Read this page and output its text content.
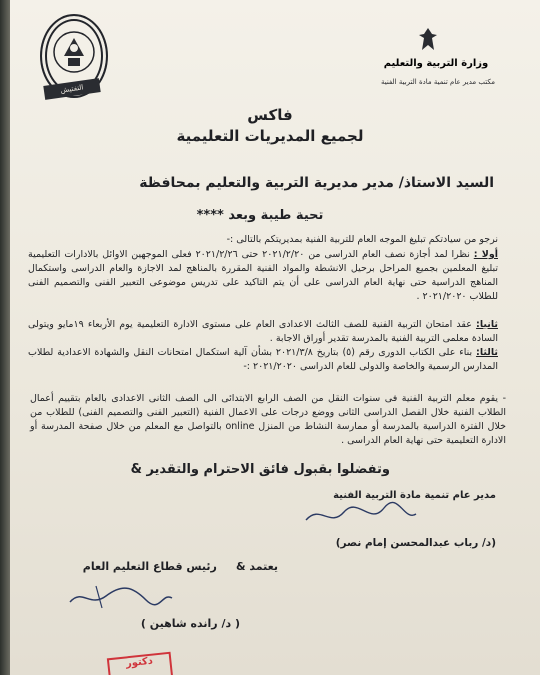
التفتيش
وزارة التربية والتعليم
مكتب مدير عام تنمية مادة التربية الفنية
فاكس
لجميع المديريات التعليمية
السيد الاستاذ/ مدير مديرية التربية والتعليم بمحافظة
تحية طيبة وبعد ****
نرجو من سيادتكم تبليغ الموجه العام للتربية الفنية بمديريتكم بالتالى :-
أولا : نظرا لمد أجازة نصف العام الدراسى من ٢٠٢١/٢/٢٠ حتى ٢٠٢١/٢/٢٦ فعلى الموجهين الاوائل بالادارات التعليمية تبليغ المعلمين بجميع المراحل برحيل الانشطة والمواد الفنية المقررة بالمناهج لمد الاجازة والعام الدراسى واستكمال المناهج الدراسية حتى نهاية العام الدراسى على أن يتم التاكيد على تدريس موضوعى التعبير الفنى والتصميم الفنى للطلاب ٢٠٢١/٢٠٢٠ .
ثانيا: عقد امتحان التربية الفنية للصف الثالث الاعدادى العام على مستوى الادارة التعليمية يوم الأربعاء ١٩مايو ويتولى السادة معلمى التربية الفنية بالمدرسة تقدير أوراق الاجابة .
ثالثا: بناء على الكتاب الدورى رقم (٥) بتاريخ ٢٠٢١/٣/٨ بشأن آلية استكمال امتحانات النقل والشهادة الاعدادية لطلاب المدارس الرسمية والخاصة والدولى للعام الدراسى ٢٠٢١/٢٠٢٠ :-
- يقوم معلم التربية الفنية فى سنوات النقل من الصف الرابع الابتدائى الى الصف الثانى الاعدادى بالعام بتقييم أعمال الطلاب الفنية خلال الفصل الدراسى الثانى ووضع درجات على الاعمال الفنية (التعبير الفنى والتصميم الفنى) للطلاب من خلال الفترة الدراسية بالمدرسة أو ممارسة النشاط من المنزل online بالتواصل مع المعلم من خلال صفحة المدرسة أو الادارة التعليمية حتى نهاية العام الدراسى .
وتفضلوا بقبول فائق الاحترام والتقدير &
مدير عام تنمية مادة التربية الفنية
(د/ رباب عبدالمحسن إمام نصر)
يعتمد &     رئيس قطاع التعليم العام
( د/ رانده شاهين )
دكتور
